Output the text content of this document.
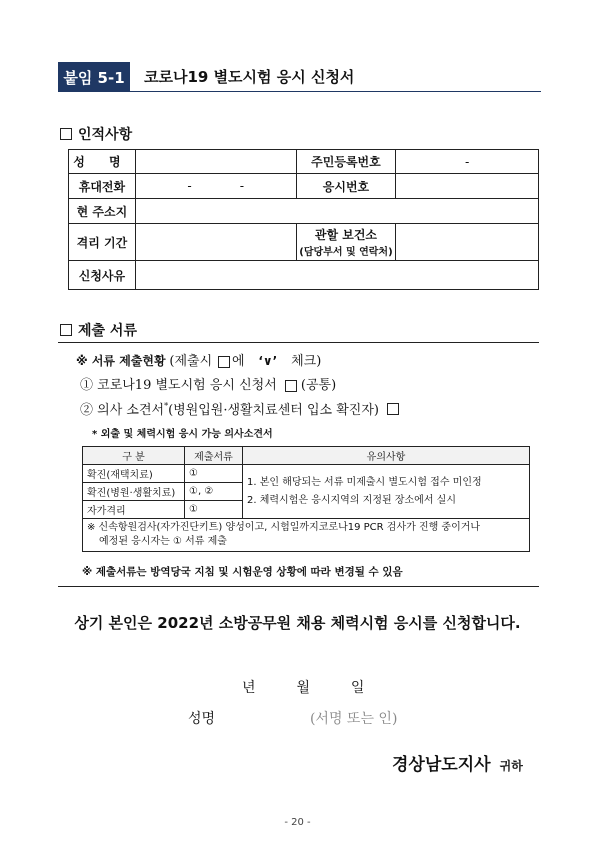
붙임 5-1	코로나19 별도시험 응시 신청서
인적사항
성 명		주민등록번호	-
휴대전화	- -	응시번호	
현 주소지			
격리 기간		관할 보건소
(담당부서 및 연락처)	

신청사유			
제출 서류
※ 서류 제출현황 (제출시 에 ‘∨’ 체크)
① 코로나19 별도시험 응시 신청서 (공통)
② 의사 소견서*(병원입원·생활치료센터 입소 확진자)
* 외출 및 체력시험 응시 가능 의사소견서
구 분	제출서류	유의사항
확진(재택치료)	①	1. 본인 해당되는 서류 미제출시 별도시험 접수 미인정
2. 체력시험은 응시지역의 지정된 장소에서 실시

확진(병원·생활치료)	①, ②	
자가격리	①	

※ 신속항원검사(자가진단키트) 양성이고, 시험일까지코로나19 PCR 검사가 진행 중이거나
예정된 응시자는 ① 서류 제출		
※ 제출서류는 방역당국 지침 및 시험운영 상황에 따라 변경될 수 있음
상기 본인은 2022년 소방공무원 채용 체력시험 응시를 신청합니다.
년	월	일
성명	(서명 또는 인)
경상남도지사 귀하
- 20 -
